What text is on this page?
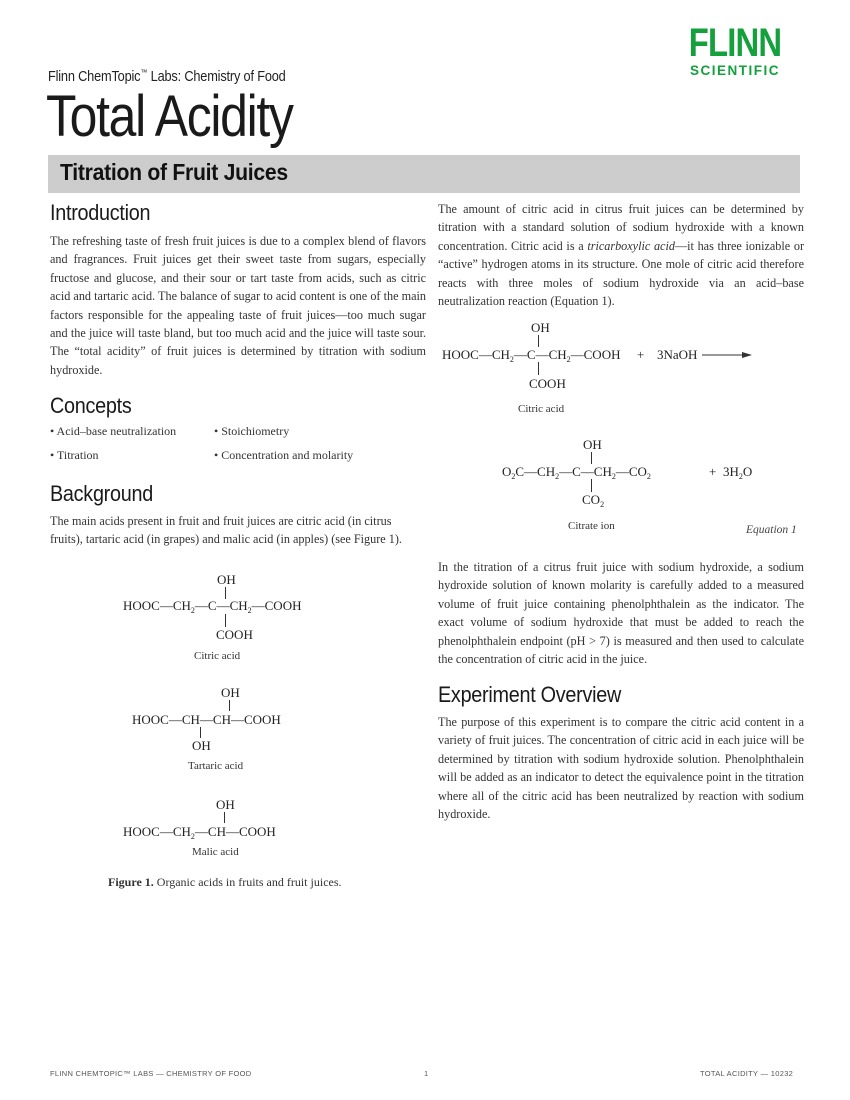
Flinn ChemTopic™ Labs: Chemistry of Food
Total Acidity
FLINN
SCIENTIFIC
Titration of Fruit Juices
Introduction
The refreshing taste of fresh fruit juices is due to a complex blend of flavors and fragrances. Fruit juices get their sweet taste from sugars, especially fructose and glucose, and their sour or tart taste from acids, such as citric acid and tartaric acid. The balance of sugar to acid content is one of the main factors responsible for the appealing taste of fruit juices—too much sugar and the juice will taste bland, but too much acid and the juice will taste sour. The “total acidity” of fruit juices is determined by titration with sodium hydroxide.
Concepts
• Acid–base neutralization	• Stoichiometry
• Titration	• Concentration and molarity
Background
The main acids present in fruit and fruit juices are citric acid (in citrus fruits), tartaric acid (in grapes) and malic acid (in apples) (see Figure 1).
OH
$HOOC—CH_2—C—CH_2—COOH$
COOH
Citric acid
OH
HOOC—CH—CH—COOH
OH
Tartaric acid
OH
$HOOC—CH_2—CH—COOH$
Malic acid
Figure 1. Organic acids in fruits and fruit juices.
The amount of citric acid in citrus fruit juices can be determined by titration with a standard solution of sodium hydroxide with a known concentration. Citric acid is a tricarboxylic acid—it has three ionizable or “active” hydrogen atoms in its structure. One mole of citric acid therefore reacts with three moles of sodium hydroxide via an acid–base neutralization reaction (Equation 1).
OH
$HOOC—CH_2—C—CH_2—COOH$ + 3NaOH →
COOH
Citric acid
OH
$O_2C—CH_2—C—CH_2—CO_2$	+ $3H_2O$
$CO_2$
Citrate ion	Equation 1
In the titration of a citrus fruit juice with sodium hydroxide, a sodium hydroxide solution of known molarity is carefully added to a measured volume of fruit juice containing phenolphthalein as the indicator. The exact volume of sodium hydroxide that must be added to reach the phenolphthalein endpoint (pH > 7) is measured and then used to calculate the concentration of citric acid in the juice.
Experiment Overview
The purpose of this experiment is to compare the citric acid content in a variety of fruit juices. The concentration of citric acid in each juice will be determined by titration with sodium hydroxide solution. Phenolphthalein will be added as an indicator to detect the equivalence point in the titration where all of the citric acid has been neutralized by reaction with sodium hydroxide.
FLINN CHEMTOPIC™ LABS — CHEMISTRY OF FOOD	1	TOTAL ACIDITY — 10232
